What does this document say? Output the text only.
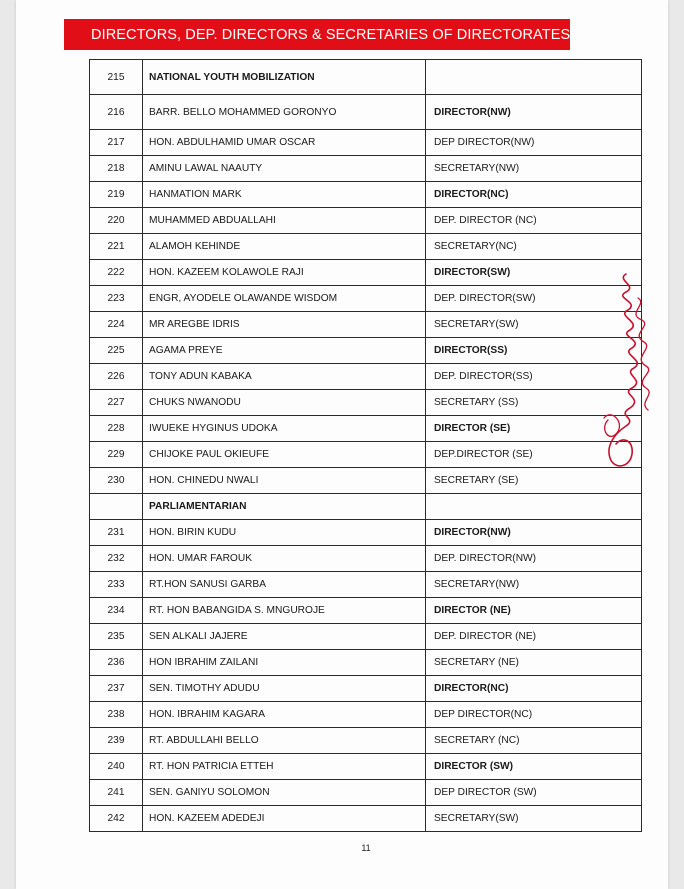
DIRECTORS, DEP. DIRECTORS & SECRETARIES OF DIRECTORATES
215	NATIONAL YOUTH MOBILIZATION	
216	BARR. BELLO MOHAMMED GORONYO	DIRECTOR(NW)
217	HON. ABDULHAMID UMAR OSCAR	DEP DIRECTOR(NW)
218	AMINU LAWAL NAAUTY	SECRETARY(NW)
219	HANMATION MARK	DIRECTOR(NC)
220	MUHAMMED ABDUALLAHI	DEP. DIRECTOR (NC)
221	ALAMOH KEHINDE	SECRETARY(NC)
222	HON. KAZEEM KOLAWOLE RAJI	DIRECTOR(SW)
223	ENGR, AYODELE OLAWANDE WISDOM	DEP. DIRECTOR(SW)
224	MR AREGBE IDRIS	SECRETARY(SW)
225	AGAMA PREYE	DIRECTOR(SS)
226	TONY ADUN KABAKA	DEP. DIRECTOR(SS)
227	CHUKS NWANODU	SECRETARY (SS)
228	IWUEKE HYGINUS UDOKA	DIRECTOR (SE)
229	CHIJOKE PAUL OKIEUFE	DEP.DIRECTOR (SE)
230	HON. CHINEDU NWALI	SECRETARY (SE)
	PARLIAMENTARIAN	
231	HON. BIRIN KUDU	DIRECTOR(NW)
232	HON. UMAR FAROUK	DEP. DIRECTOR(NW)
233	RT.HON SANUSI GARBA	SECRETARY(NW)
234	RT. HON BABANGIDA S. MNGUROJE	DIRECTOR (NE)
235	SEN ALKALI JAJERE	DEP. DIRECTOR (NE)
236	HON IBRAHIM ZAILANI	SECRETARY (NE)
237	SEN. TIMOTHY ADUDU	DIRECTOR(NC)
238	HON. IBRAHIM KAGARA	DEP DIRECTOR(NC)
239	RT. ABDULLAHI BELLO	SECRETARY (NC)
240	RT. HON PATRICIA ETTEH	DIRECTOR (SW)
241	SEN. GANIYU SOLOMON	DEP DIRECTOR (SW)
242	HON. KAZEEM ADEDEJI	SECRETARY(SW)
11
